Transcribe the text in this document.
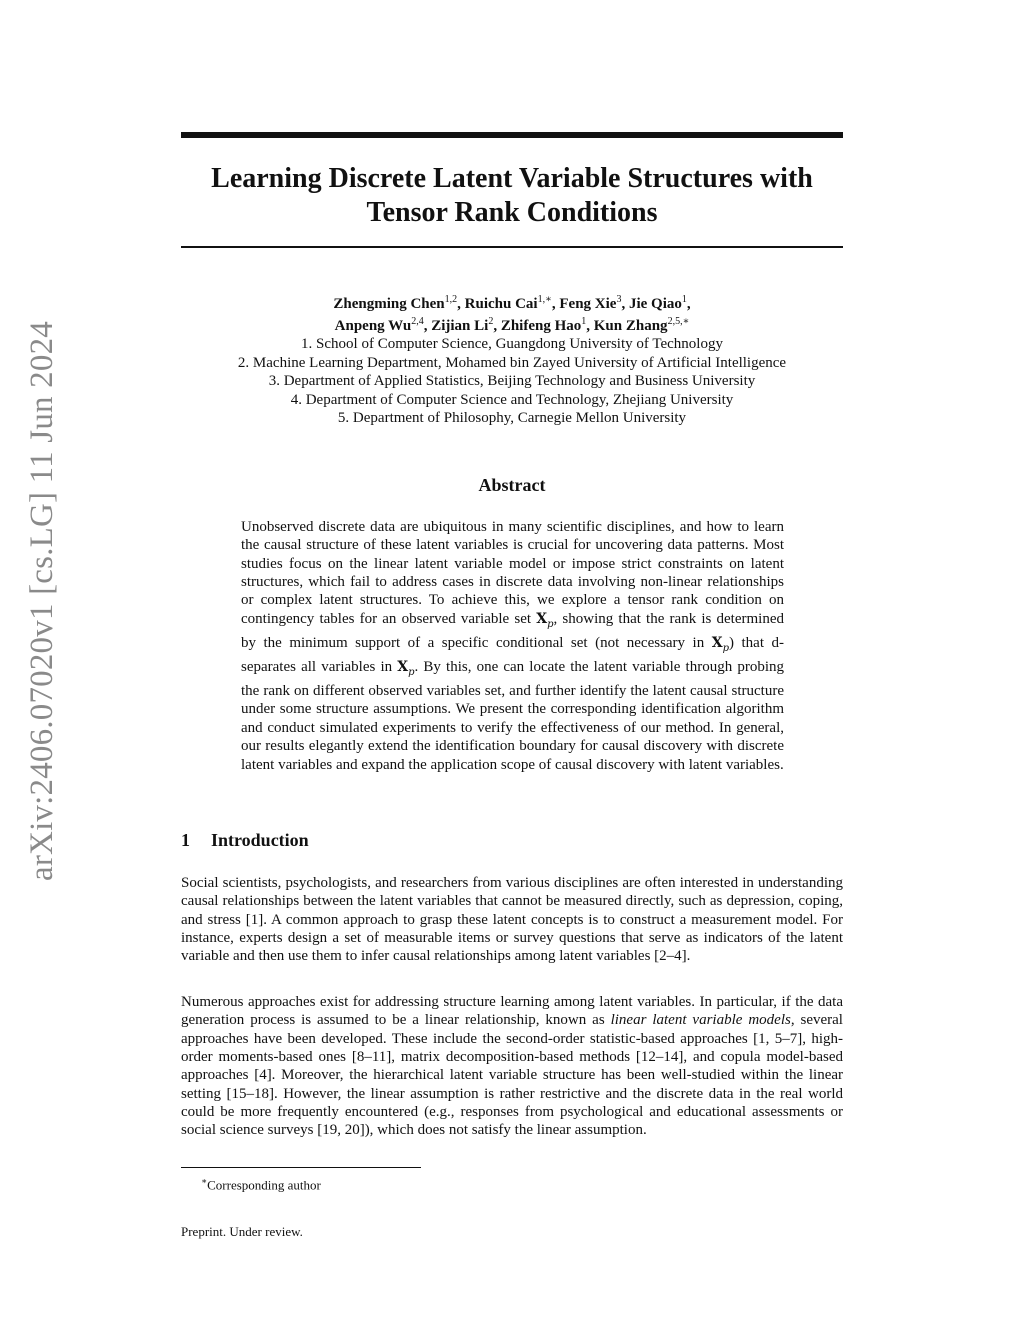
arXiv:2406.07020v1 [cs.LG] 11 Jun 2024
Learning Discrete Latent Variable Structures with
Tensor Rank Conditions
Zhengming Chen$^{1,2}$, Ruichu Cai$^{1,∗}$, Feng Xie$^3$, Jie Qiao$^1$,
Anpeng Wu$^{2,4}$, Zijian Li$^2$, Zhifeng Hao$^1$, Kun Zhang$^{2,5,∗}$
1. School of Computer Science, Guangdong University of Technology
2. Machine Learning Department, Mohamed bin Zayed University of Artificial Intelligence
3. Department of Applied Statistics, Beijing Technology and Business University
4. Department of Computer Science and Technology, Zhejiang University
5. Department of Philosophy, Carnegie Mellon University
Abstract
Unobserved discrete data are ubiquitous in many scientific disciplines, and how to learn the causal structure of these latent variables is crucial for uncovering data patterns. Most studies focus on the linear latent variable model or impose strict constraints on latent structures, which fail to address cases in discrete data involving non-linear relationships or complex latent structures. To achieve this, we explore a tensor rank condition on contingency tables for an observed variable set $X_p$, showing that the rank is determined by the minimum support of a specific conditional set (not necessary in $X_p$) that d-separates all variables in $X_p$. By this, one can locate the latent variable through probing the rank on different observed variables set, and further identify the latent causal structure under some structure assumptions. We present the corresponding identification algorithm and conduct simulated experiments to verify the effectiveness of our method. In general, our results elegantly extend the identification boundary for causal discovery with discrete latent variables and expand the application scope of causal discovery with latent variables.
1 Introduction
Social scientists, psychologists, and researchers from various disciplines are often interested in understanding causal relationships between the latent variables that cannot be measured directly, such as depression, coping, and stress [1]. A common approach to grasp these latent concepts is to construct a measurement model. For instance, experts design a set of measurable items or survey questions that serve as indicators of the latent variable and then use them to infer causal relationships among latent variables [2–4].
Numerous approaches exist for addressing structure learning among latent variables. In particular, if the data generation process is assumed to be a linear relationship, known as linear latent variable models, several approaches have been developed. These include the second-order statistic-based approaches [1, 5–7], high-order moments-based ones [8–11], matrix decomposition-based methods [12–14], and copula model-based approaches [4]. Moreover, the hierarchical latent variable structure has been well-studied within the linear setting [15–18]. However, the linear assumption is rather restrictive and the discrete data in the real world could be more frequently encountered (e.g., responses from psychological and educational assessments or social science surveys [19, 20]), which does not satisfy the linear assumption.
∗Corresponding author
Preprint. Under review.
